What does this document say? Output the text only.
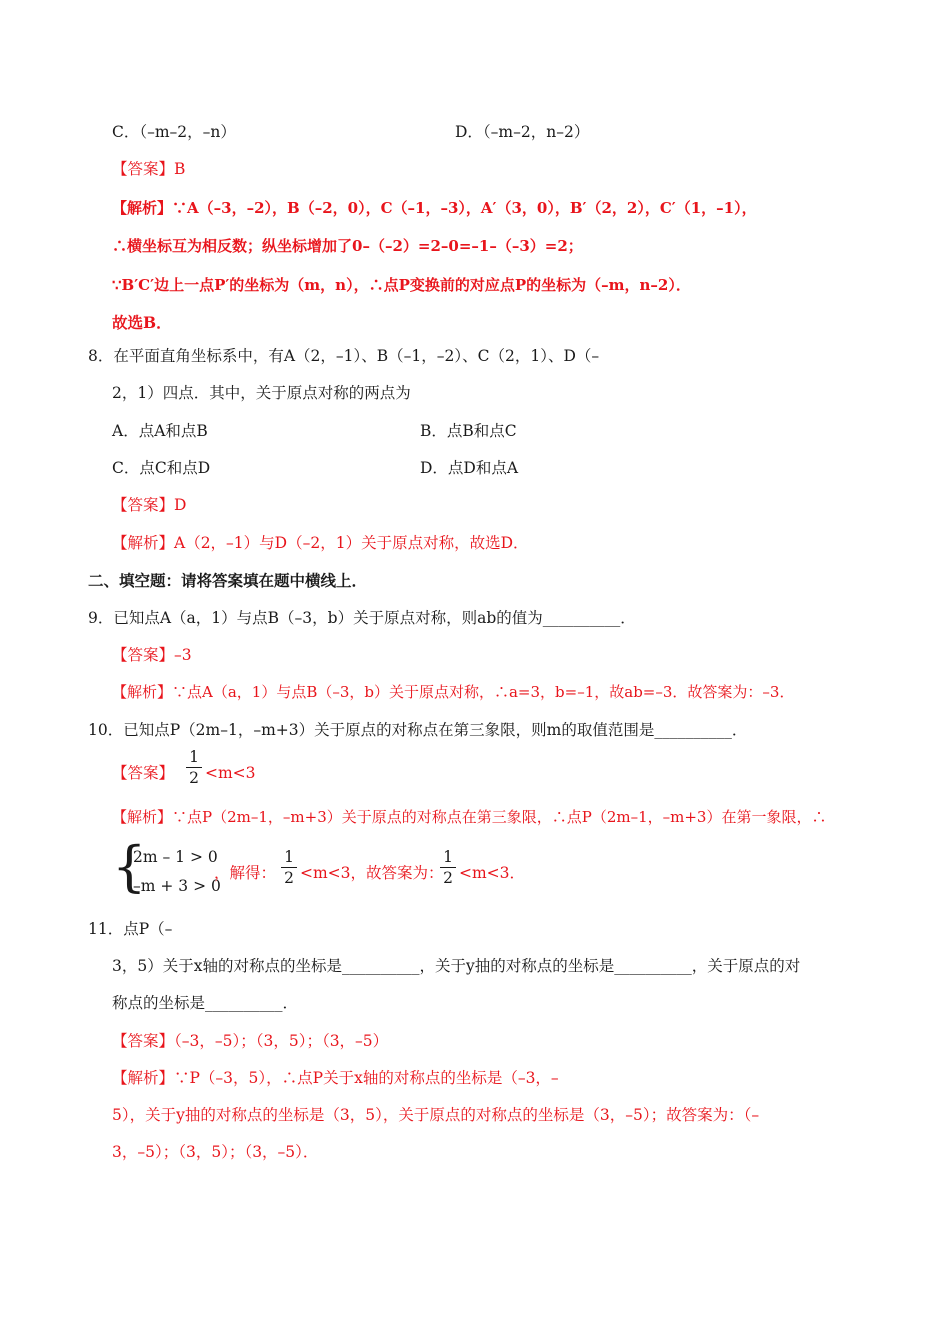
C．（–m–2，–n）	D．（–m–2，n–2）
【答案】B
【解析】∵A（–3，–2），B（–2，0），C（–1，–3），A′（3，0），B′（2，2），C′（1，–1），
∴横坐标互为相反数；纵坐标增加了0–（–2）=2–0=–1–（–3）=2；
∵B′C′边上一点P′的坐标为（m，n），∴点P变换前的对应点P的坐标为（–m，n–2）．
故选B．
8．在平面直角坐标系中，有A（2，–1）、B（–1，–2）、C（2，1）、D（–
2，1）四点．其中，关于原点对称的两点为
A．点A和点B	B．点B和点C
C．点C和点D	D．点D和点A
【答案】D
【解析】A（2，–1）与D（–2，1）关于原点对称，故选D．
二、填空题：请将答案填在题中横线上．
9．已知点A（a，1）与点B（–3，b）关于原点对称，则ab的值为__________．
【答案】–3
【解析】∵点A（a，1）与点B（–3，b）关于原点对称，∴a=3，b=–1，故ab=–3．故答案为：–3．
10．已知点P（2m–1，–m+3）关于原点的对称点在第三象限，则m的取值范围是__________．
【答案】
1
2 <m<3
【解析】∵点P（2m–1，–m+3）关于原点的对称点在第三象限，∴点P（2m–1，–m+3）在第一象限，∴
{
2m – 1 > 0
–m + 3 > 0
，解得：
1
2 <m<3，故答案为：
1
2 <m<3．
11．点P（–
3，5）关于x轴的对称点的坐标是__________，关于y抽的对称点的坐标是__________，关于原点的对
称点的坐标是__________．
【答案】（–3，–5）；（3，5）；（3，–5）
【解析】∵P（–3，5），∴点P关于x轴的对称点的坐标是（–3，–
5），关于y抽的对称点的坐标是（3，5），关于原点的对称点的坐标是（3，–5）；故答案为：（–
3，–5）；（3，5）；（3，–5）．
